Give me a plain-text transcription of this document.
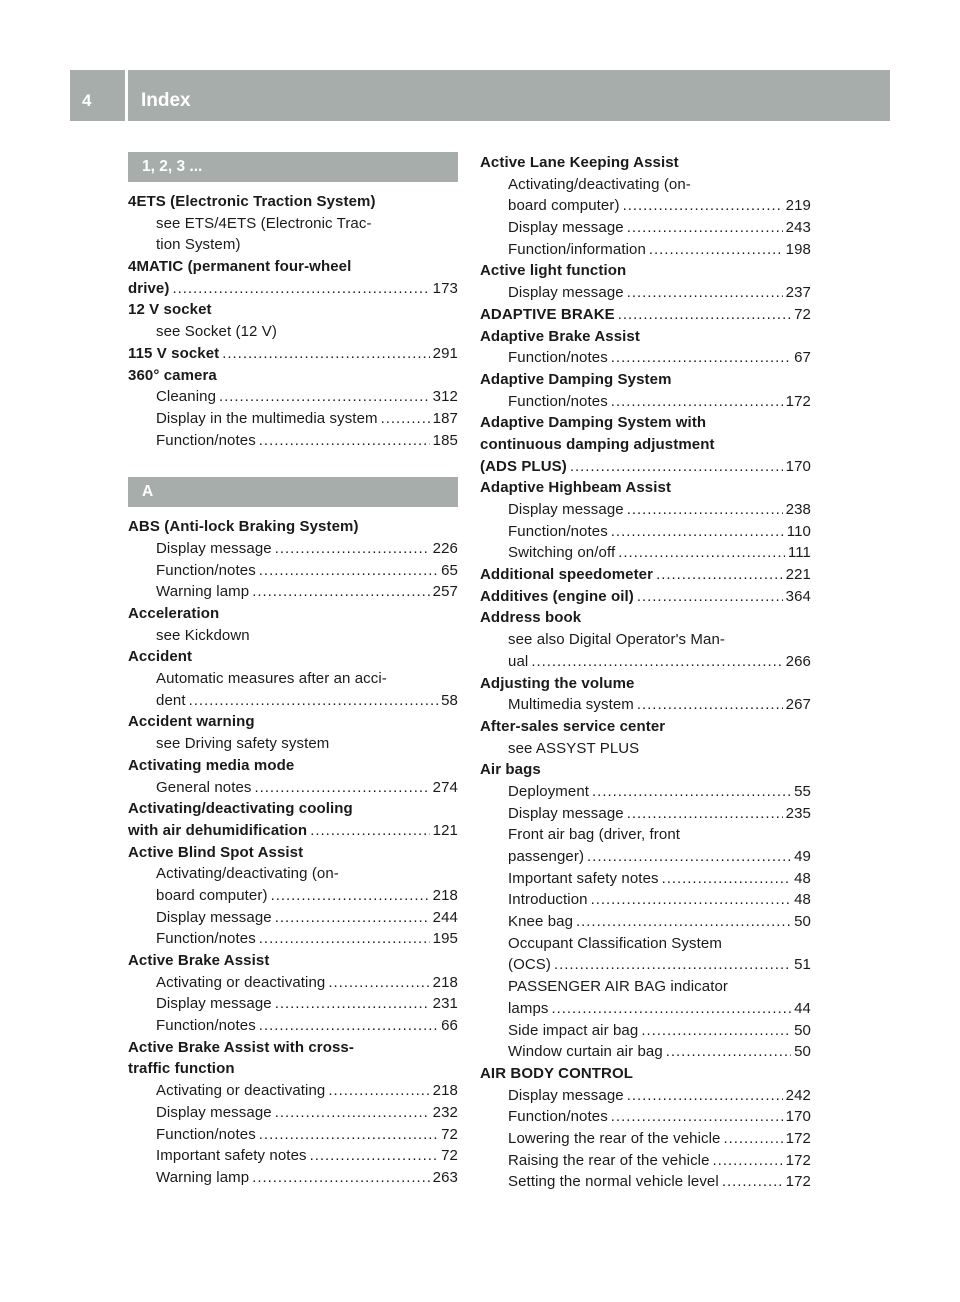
4	Index
1, 2, 3 ...
4ETS (Electronic Traction System)
see ETS/4ETS (Electronic Trac-
tion System)
4MATIC (permanent four-wheel
drive) . . .	173
12 V socket
see Socket (12 V)
115 V socket . . .	291
360° camera
Cleaning . . .	312
Display in the multimedia system . . .	187
Function/notes . . .	185
A
ABS (Anti-lock Braking System)
Display message . . .	226
Function/notes . . .	65
Warning lamp . . .	257
Acceleration
see Kickdown
Accident
Automatic measures after an acci-
dent . . .	58
Accident warning
see Driving safety system
Activating media mode
General notes . . .	274
Activating/deactivating cooling
with air dehumidification . . .	121
Active Blind Spot Assist
Activating/deactivating (on-
board computer) . . .	218
Display message . . .	244
Function/notes . . .	195
Active Brake Assist
Activating or deactivating . . .	218
Display message . . .	231
Function/notes . . .	66
Active Brake Assist with cross-
traffic function
Activating or deactivating . . .	218
Display message . . .	232
Function/notes . . .	72
Important safety notes . . .	72
Warning lamp . . .	263
Active Lane Keeping Assist
Activating/deactivating (on-
board computer) . . .	219
Display message . . .	243
Function/information . . .	198
Active light function
Display message . . .	237
ADAPTIVE BRAKE . . .	72
Adaptive Brake Assist
Function/notes . . .	67
Adaptive Damping System
Function/notes . . .	172
Adaptive Damping System with
continuous damping adjustment
(ADS PLUS) . . .	170
Adaptive Highbeam Assist
Display message . . .	238
Function/notes . . .	110
Switching on/off . . .	111
Additional speedometer . . .	221
Additives (engine oil) . . .	364
Address book
see also Digital Operator's Man-
ual . . .	266
Adjusting the volume
Multimedia system . . .	267
After-sales service center
see ASSYST PLUS
Air bags
Deployment . . .	55
Display message . . .	235
Front air bag (driver, front
passenger) . . .	49
Important safety notes . . .	48
Introduction . . .	48
Knee bag . . .	50
Occupant Classification System
(OCS) . . .	51
PASSENGER AIR BAG indicator
lamps . . .	44
Side impact air bag . . .	50
Window curtain air bag . . .	50
AIR BODY CONTROL
Display message . . .	242
Function/notes . . .	170
Lowering the rear of the vehicle . . .	172
Raising the rear of the vehicle . . .	172
Setting the normal vehicle level . . .	172
